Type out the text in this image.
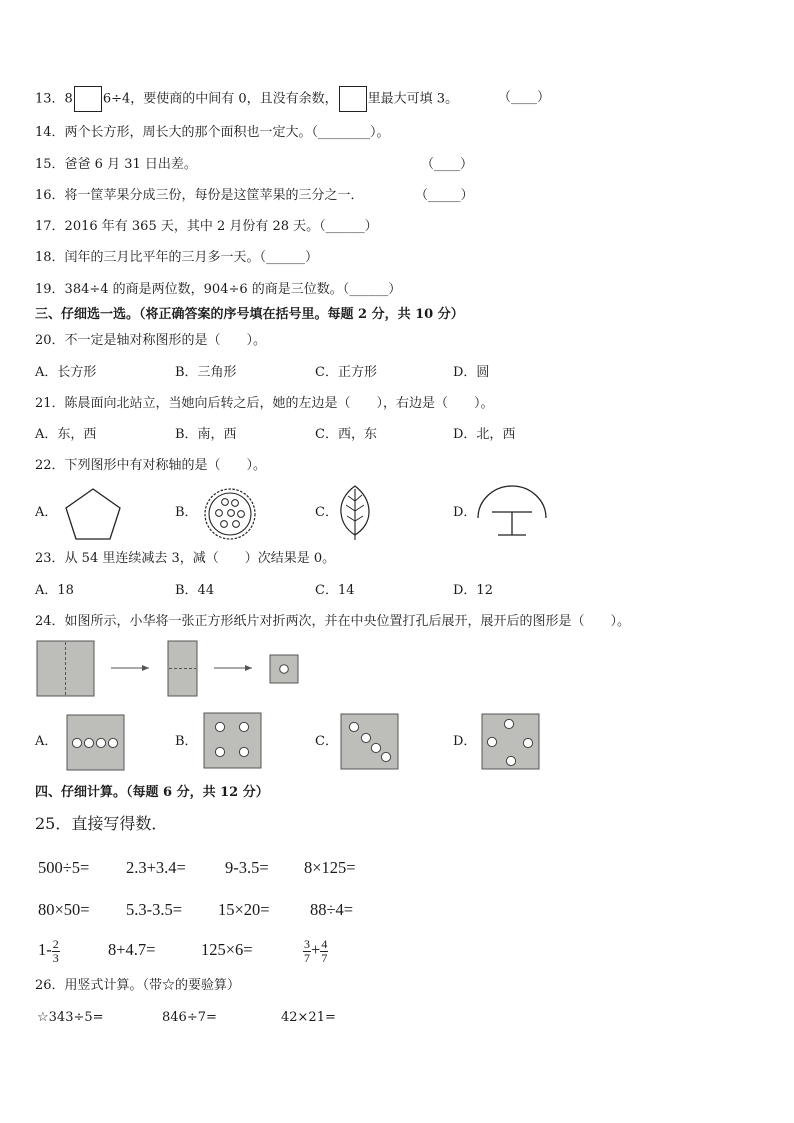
13．8 6÷4，要使商的中间有 0，且没有余数， 里最大可填 3。	（____）
14．两个长方形，周长大的那个面积也一定大。（________）。
15．爸爸 6 月 31 日出差。	（____）
16．将一筐苹果分成三份，每份是这筐苹果的三分之一．	（_____）
17．2016 年有 365 天，其中 2 月份有 28 天。（______）
18．闰年的三月比平年的三月多一天。（______）
19．384÷4 的商是两位数，904÷6 的商是三位数。（______）
三、仔细选一选。（将正确答案的序号填在括号里。每题 2 分，共 10 分）
20．不一定是轴对称图形的是（　　）。
A．长方形	B．三角形	C．正方形	D．圆
21．陈晨面向北站立，当她向后转之后，她的左边是（　　），右边是（　　）。
A．东，西	B．南，西	C．西，东	D．北，西
22．下列图形中有对称轴的是（　　）。
A．	B．	C．	D．
23．从 54 里连续减去 3，减（　　）次结果是 0。
A．18	B．44	C．14	D．12
24．如图所示，小华将一张正方形纸片对折两次，并在中央位置打孔后展开，展开后的图形是（　　）。
A．	B．	C．	D．
四、仔细计算。（每题 6 分，共 12 分）
25．直接写得数．
500÷5= 2.3+3.4= 9-3.5= 8×125=
80×50= 5.3-3.5= 15×20= 88÷4=
$1- \frac{2}{3}$	8+4.7=	125×6=	$\frac{3}{7} + \frac{4}{7}$
26．用竖式计算。（带☆的要验算）
☆343÷5=	846÷7=	42×21=
